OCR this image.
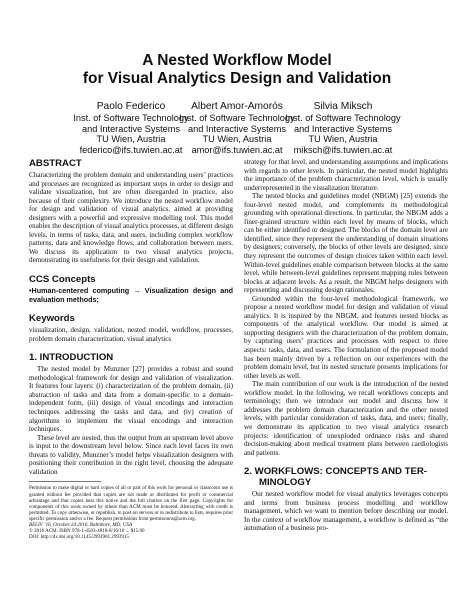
A Nested Workflow Model
for Visual Analytics Design and Validation
Paolo Federico
Inst. of Software Technology
and Interactive Systems
TU Wien, Austria
federico@ifs.tuwien.ac.at
Albert Amor-Amorós
Inst. of Software Technology
and Interactive Systems
TU Wien, Austria
amor@ifs.tuwien.ac.at
Silvia Miksch
Inst. of Software Technology
and Interactive Systems
TU Wien, Austria
miksch@ifs.tuwien.ac.at
ABSTRACT

Characterizing the problem domain and understanding users’ practices and processes are recognized as important steps in order to design and validate visualization, but are often disregarded in practice, also because of their complexity. We introduce the nested workflow model for design and validation of visual analytics, aimed at providing designers with a powerful and expressive modelling tool. This model enables the description of visual analytics processes, at different design levels, in terms of tasks, data, and users, including complex workflow patterns, data and knowledge flows, and collaboration between users. We discuss its application to two visual analytics projects, demonstrating its usefulness for their design and validation.

CCS Concepts

•Human-centered computing → Visualization design and evaluation methods;

Keywords

visualization, design, validation, nested model, workflow, processes, problem domain characterization, visual analytics

1. INTRODUCTION

The nested model by Munzner [27] provides a robust and sound methodological framework for design and validation of visualization. It features four layers: (i) characterization of the problem domain, (ii) abstraction of tasks and data from a domain-specific to a domain-independent form, (iii) design of visual encodings and interaction techniques addressing the tasks and data, and (iv) creation of algorithms to implement the visual encodings and interaction techniques.

These level are nested, thus the output from an upstream level above is input to the downstream level below. Since each level faces its own threats to validity, Munzner’s model helps visualization designers with positioning their contribution in the right level, choosing the adequate validation

Permission to make digital or hard copies of all or part of this work for personal or classroom use is granted without fee provided that copies are not made or distributed for profit or commercial advantage and that copies bear this notice and the full citation on the first page. Copyrights for components of this work owned by others than ACM must be honored. Abstracting with credit is permitted. To copy otherwise, or republish, to post on servers or to redistribute to lists, requires prior specific permission and/or a fee. Request permissions from permissions@acm.org.
BELIV ’16, October 24 2016, Baltimore, MD, USA
© 2016 ACM. ISBN 978-1-4503-4818-8/16/10 ... $15.00
DOI: http://dx.doi.org/10.1145/2993901.2993915

strategy for that level, and understanding assumptions and implications with regards to other levels. In particular, the nested model highlights the importance of the problem characterization level, which is usually underrepresented in the visualization literature.

The nested blocks and guidelines model (NBGM) [25] extends the four-level nested model, and complements its methodological grounding with operational directions. In particular, the NBGM adds a finer-grained structure within each level by means of blocks, which can be either identified or designed. The blocks of the domain level are identified, since they represent the understanding of domain situations by designers; conversely, the blocks of other levels are designed, since they represent the outcomes of design choices taken within each level. Within-level guidelines enable comparison between blocks at the same level, while between-level guidelines represent mapping rules between blocks at adjacent levels. As a result, the NBGM helps designers with representing and discussing design rationales.

Grounded within the four-level methodological framework, we propose a nested workflow model for design and validation of visual analytics. It is inspired by the NBGM, and features nested blocks as components of the analytical workflow. Our model is aimed at supporting designers with the characterization of the problem domain, by capturing users’ practices and processes with respect to three aspects: tasks, data, and users. The formulation of the proposed model has been mainly driven by a reflection on our experiences with the problem domain level, but its nested structure presents implications for other levels as well.

The main contribution of our work is the introduction of the nested workflow model. In the following, we recall workflows concepts and terminology; then we introduce our model and discuss how it addresses the problem domain characterization and the other nested levels, with particular consideration of tasks, data, and users; finally, we demonstrate its application to two visual analytics research projects: identification of unexploded ordnance risks and shared decision-making about medical treatment plans between cardiologists and patients.

2. WORKFLOWS: CONCEPTS AND TER-
MINOLOGY

Our nested workflow model for visual analytics leverages concepts and terms from business process modelling and workflow management, which we want to mention before describing our model. In the context of workflow management, a workflow is defined as “the automation of a business pro-
